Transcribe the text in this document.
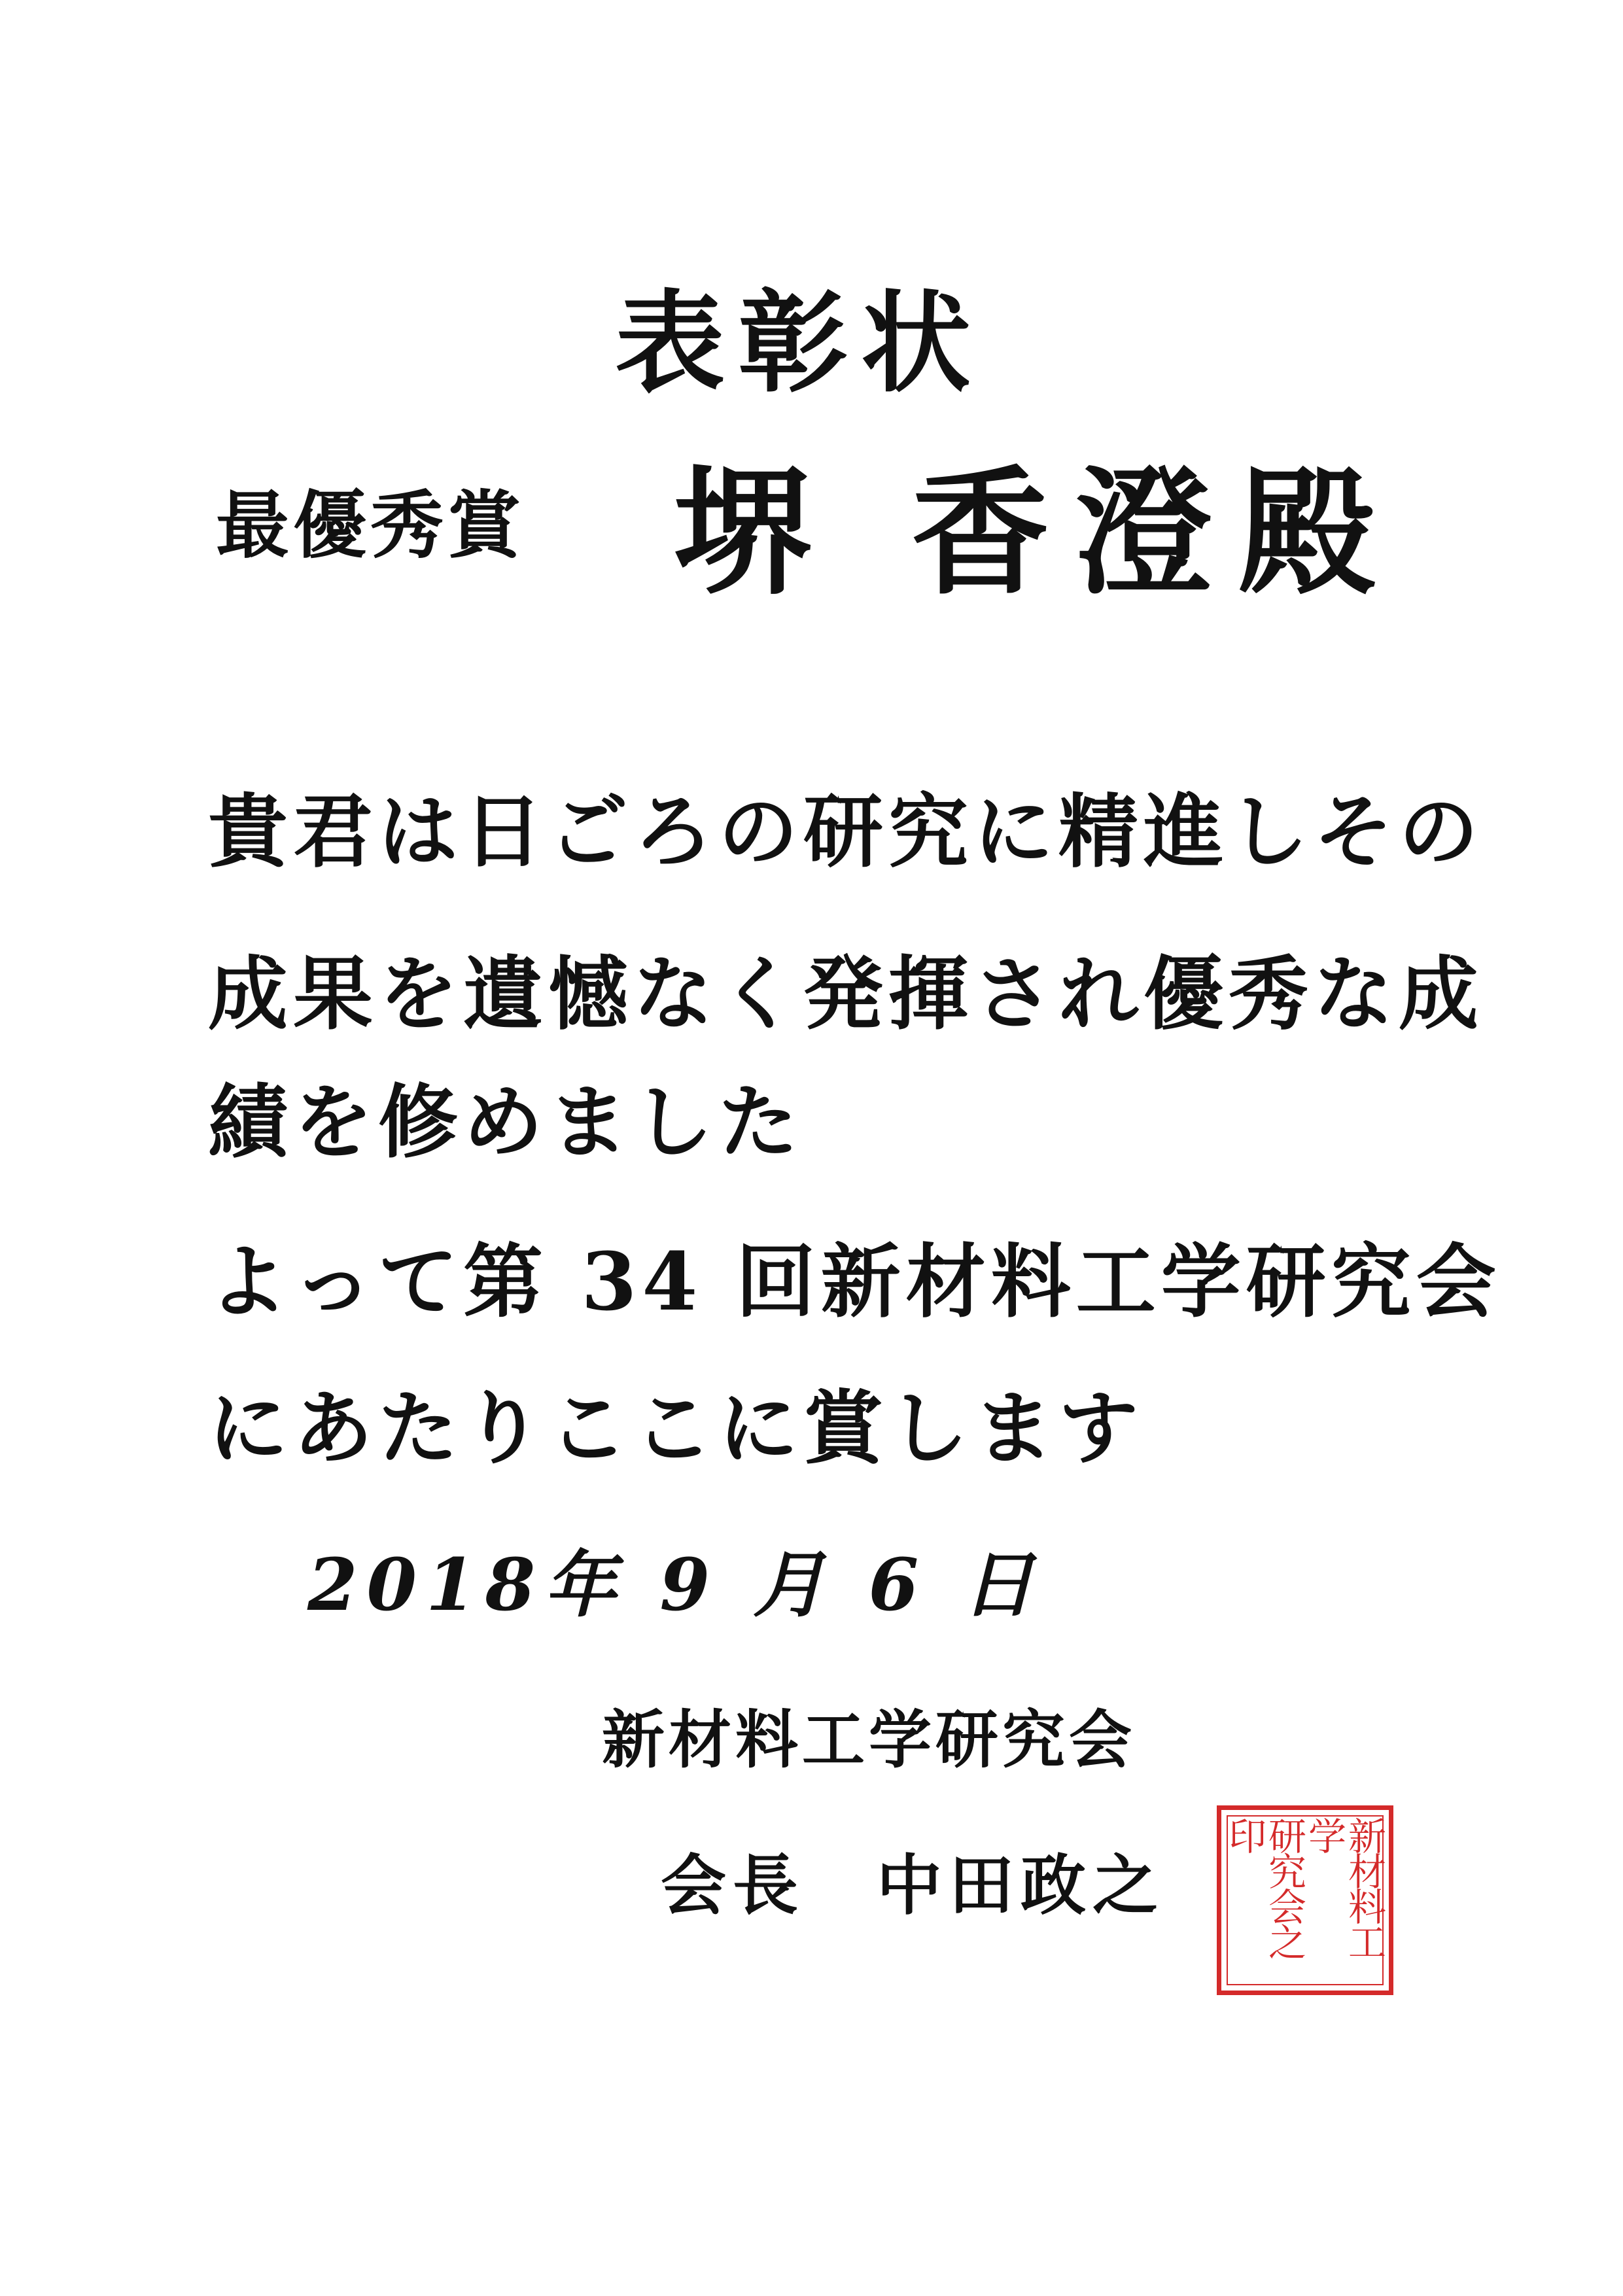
表彰状
最優秀賞 堺 香澄殿
貴君は日ごろの研究に精進しその
成果を遺憾なく発揮され優秀な成
績を修めました
よって第 34 回新材料工学研究会
にあたりここに賞します
2018年 9 月 6 日
新材料工学研究会
会長　中田政之	新材料工学
研究会之印
